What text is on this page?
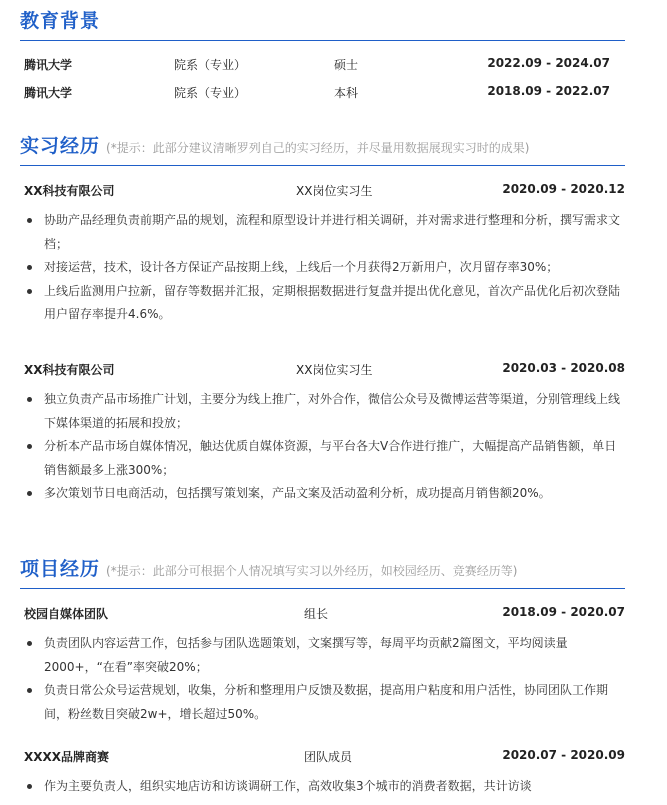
教育背景
腾讯大学	院系（专业）	硕士	2022.09 - 2024.07
腾讯大学	院系（专业）	本科	2018.09 - 2022.07
实习经历 (*提示：此部分建议清晰罗列自己的实习经历，并尽量用数据展现实习时的成果)
XX科技有限公司	XX岗位实习生	2020.09 - 2020.12
协助产品经理负责前期产品的规划，流程和原型设计并进行相关调研，并对需求进行整理和分析，撰写需求文档；
对接运营，技术，设计各方保证产品按期上线，上线后一个月获得2万新用户，次月留存率30%；
上线后监测用户拉新，留存等数据并汇报，定期根据数据进行复盘并提出优化意见，首次产品优化后初次登陆用户留存率提升4.6%。
XX科技有限公司	XX岗位实习生	2020.03 - 2020.08
独立负责产品市场推广计划，主要分为线上推广，对外合作，微信公众号及微博运营等渠道，分别管理线上线下媒体渠道的拓展和投放；
分析本产品市场自媒体情况，触达优质自媒体资源，与平台各大V合作进行推广，大幅提高产品销售额，单日销售额最多上涨300%；
多次策划节日电商活动，包括撰写策划案，产品文案及活动盈利分析，成功提高月销售额20%。
项目经历 (*提示：此部分可根据个人情况填写实习以外经历，如校园经历、竞赛经历等)
校园自媒体团队	组长	2018.09 - 2020.07
负责团队内容运营工作，包括参与团队选题策划，文案撰写等，每周平均贡献2篇图文，平均阅读量2000+，“在看”率突破20%；
负责日常公众号运营规划，收集，分析和整理用户反馈及数据，提高用户粘度和用户活性，协同团队工作期间，粉丝数目突破2w+，增长超过50%。
XXXX品牌商赛	团队成员	2020.07 - 2020.09
作为主要负责人，组织实地店访和访谈调研工作，高效收集3个城市的消费者数据，共计访谈
